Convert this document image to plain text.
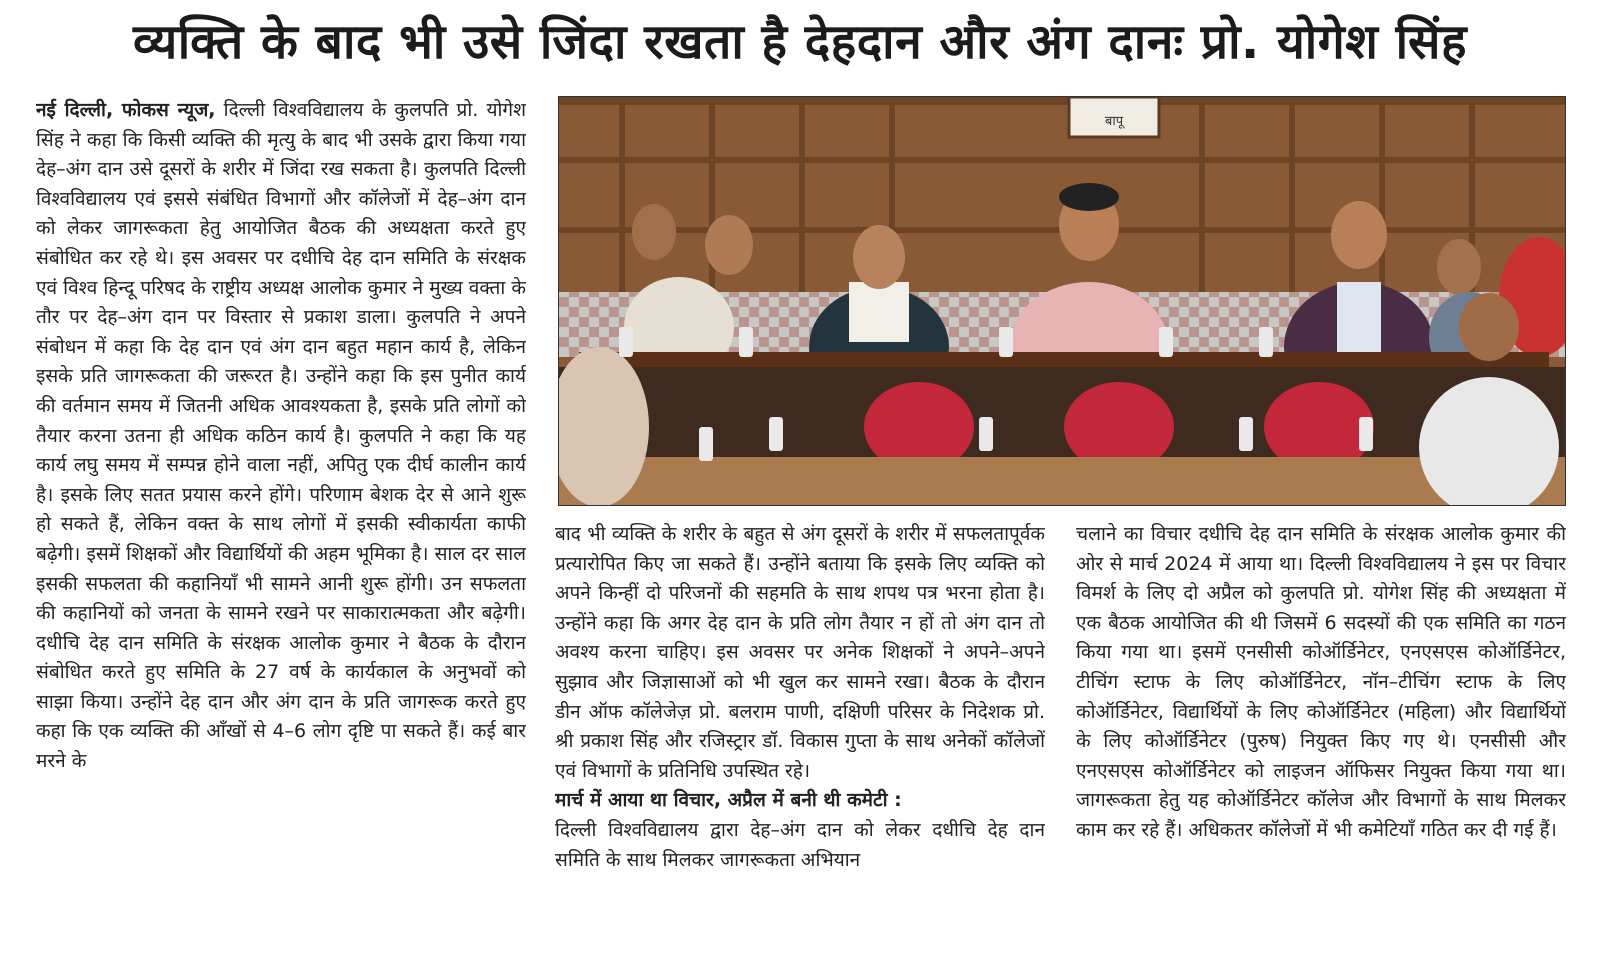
व्यक्ति के बाद भी उसे जिंदा रखता है देहदान और अंग दानः प्रो. योगेश सिंह

नई दिल्ली, फोकस न्यूज, दिल्ली विश्वविद्यालय के कुलपति प्रो. योगेश सिंह ने कहा कि किसी व्यक्ति की मृत्यु के बाद भी उसके द्वारा किया गया देह–अंग दान उसे दूसरों के शरीर में जिंदा रख सकता है। कुलपति दिल्ली विश्वविद्यालय एवं इससे संबंधित विभागों और कॉलेजों में देह–अंग दान को लेकर जागरूकता हेतु आयोजित बैठक की अध्यक्षता करते हुए संबोधित कर रहे थे। इस अवसर पर दधीचि देह दान समिति के संरक्षक एवं विश्व हिन्दू परिषद के राष्ट्रीय अध्यक्ष आलोक कुमार ने मुख्य वक्ता के तौर पर देह–अंग दान पर विस्तार से प्रकाश डाला। कुलपति ने अपने संबोधन में कहा कि देह दान एवं अंग दान बहुत महान कार्य है, लेकिन इसके प्रति जागरूकता की जरूरत है। उन्होंने कहा कि इस पुनीत कार्य की वर्तमान समय में जितनी अधिक आवश्यकता है, इसके प्रति लोगों को तैयार करना उतना ही अधिक कठिन कार्य है। कुलपति ने कहा कि यह कार्य लघु समय में सम्पन्न होने वाला नहीं, अपितु एक दीर्घ कालीन कार्य है। इसके लिए सतत प्रयास करने होंगे। परिणाम बेशक देर से आने शुरू हो सकते हैं, लेकिन वक्त के साथ लोगों में इसकी स्वीकार्यता काफी बढ़ेगी। इसमें शिक्षकों और विद्यार्थियों की अहम भूमिका है। साल दर साल इसकी सफलता की कहानियाँ भी सामने आनी शुरू होंगी। उन सफलता की कहानियों को जनता के सामने रखने पर साकारात्मकता और बढ़ेगी। दधीचि देह दान समिति के संरक्षक आलोक कुमार ने बैठक के दौरान संबोधित करते हुए समिति के 27 वर्ष के कार्यकाल के अनुभवों को साझा किया। उन्होंने देह दान और अंग दान के प्रति जागरूक करते हुए कहा कि एक व्यक्ति की आँखों से 4–6 लोग दृष्टि पा सकते हैं। कई बार मरने के

बापू

बाद भी व्यक्ति के शरीर के बहुत से अंग दूसरों के शरीर में सफलतापूर्वक प्रत्यारोपित किए जा सकते हैं। उन्होंने बताया कि इसके लिए व्यक्ति को अपने किन्हीं दो परिजनों की सहमति के साथ शपथ पत्र भरना होता है। उन्होंने कहा कि अगर देह दान के प्रति लोग तैयार न हों तो अंग दान तो अवश्य करना चाहिए। इस अवसर पर अनेक शिक्षकों ने अपने–अपने सुझाव और जिज्ञासाओं को भी खुल कर सामने रखा। बैठक के दौरान डीन ऑफ कॉलेजेज़ प्रो. बलराम पाणी, दक्षिणी परिसर के निदेशक प्रो. श्री प्रकाश सिंह और रजिस्ट्रार डॉ. विकास गुप्ता के साथ अनेकों कॉलेजों एवं विभागों के प्रतिनिधि उपस्थित रहे।

मार्च में आया था विचार, अप्रैल में बनी थी कमेटी :

दिल्ली विश्वविद्यालय द्वारा देह–अंग दान को लेकर दधीचि देह दान समिति के साथ मिलकर जागरूकता अभियान

चलाने का विचार दधीचि देह दान समिति के संरक्षक आलोक कुमार की ओर से मार्च 2024 में आया था। दिल्ली विश्वविद्यालय ने इस पर विचार विमर्श के लिए दो अप्रैल को कुलपति प्रो. योगेश सिंह की अध्यक्षता में एक बैठक आयोजित की थी जिसमें 6 सदस्यों की एक समिति का गठन किया गया था। इसमें एनसीसी कोऑर्डिनेटर, एनएसएस कोऑर्डिनेटर, टीचिंग स्टाफ के लिए कोऑर्डिनेटर, नॉन–टीचिंग स्टाफ के लिए कोऑर्डिनेटर, विद्यार्थियों के लिए कोऑर्डिनेटर (महिला) और विद्यार्थियों के लिए कोऑर्डिनेटर (पुरुष) नियुक्त किए गए थे। एनसीसी और एनएसएस कोऑर्डिनेटर को लाइजन ऑफिसर नियुक्त किया गया था। जागरूकता हेतु यह कोऑर्डिनेटर कॉलेज और विभागों के साथ मिलकर काम कर रहे हैं। अधिकतर कॉलेजों में भी कमेटियाँ गठित कर दी गई हैं।
